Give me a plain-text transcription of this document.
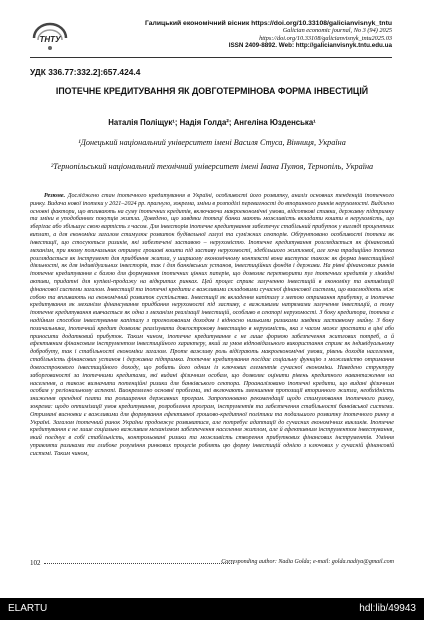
ТНТУ
Галицький економічний вісник https://doi.org/10.33108/galicianvisnyk_tntu
Galician economic journal, No 3 (94) 2025
https://doi.org/10.33108/galicianvisnyk_tntu2025.03
ISSN 2409-8892. Web: http://galicianvisnyk.tntu.edu.ua
УДК 336.77:332.2]:657.424.4
ІПОТЕЧНЕ КРЕДИТУВАННЯ ЯК ДОВГОТЕРМІНОВА ФОРМА ІНВЕСТИЦІЙ
Наталія Поліщук¹; Надія Голда²; Ангеліна Юзденська¹
¹Донецький національний університет імені Василя Стуса, Вінниця, Україна
²Тернопільський національний технічний університет імені Івана Пулюя, Тернопіль, Україна
Резюме. Досліджено стан іпотечного кредитування в Україні, особливості його розвитку, аналіз основних тенденцій іпотечного ринку. Видача нової іпотеки у 2021–2024 рр. прагнуло, зокрема, зміни в розподілі перевагності до вторинного ринків нерухомості. Виділено основні фактори, що впливають на суму іпотечних кредитів, включаючи макроекономічні умови, відсоткові ставки, державну підтримку та зміни в уподобаннях покупців житла. Доведено, що завдяки іпотеці банки мають можливість вкладати кошти в нерухомість, що зберігає або збільшує свою вартість з часом. Для інвесторів іпотечне кредитування забезпечує стабільний прибуток у вигляді процентних виплат, а для економіки загалом стимулює розвиток будівельної галузі та суміжних секторів. Обґрунтовано особливості іпотеки як інвестиції, що стосуються ризиків, які забезпечені заставою – нерухомістю. Іпотечне кредитування розглядається як фінансовий механізм, при якому позичальник отримує грошові кошти під заставу нерухомості, здебільшого житлової, але хоча традиційно іпотека розглядається як інструмент для придбання житла, у ширшому економічному контексті вона виступає також як форма інвестиційної діяльності, як для індивідуальних інвесторів, так і для банківських установ, інвестиційних фондів і держави. На рівні фінансових ринків іпотечне кредитування є базою для формування іпотечних цінних паперів, що дозволяє перетворити пул іпотечних кредитів у ліквідні активи, придатні для купівлі-продажу на відкритих ринках. Цей процес сприяє залученню інвестицій в економіку та активізації фінансової системи загалом. Інвестиції та іпотечні кредити є важливими складовими сучасної фінансової системи, що взаємодіють між собою та впливають на економічний розвиток суспільства. Інвестиції як вкладення капіталу з метою отримання прибутку, а іпотечне кредитування як механізм фінансування придбання нерухомості під заставу, є важливими напрямами залучення інвестицій, а тому іпотечне кредитування вивчається як одна з механізм реалізації інвестицій, особливо в секторі нерухомості. З боку кредитора, іпотека є надійним способом інвестування капіталу з прогнозованим доходом і відносно низькими ризиками завдяки заставному майну. З боку позичальника, іпотечний кредит дозволяє реалізувати довгострокову інвестицію в нерухомість, яка з часом може зростати в ціні або приносити додатковий прибуток. Таким чином, іпотечне кредитування є не лише формою забезпечення житлових потреб, а й ефективним фінансовим інструментом інвестиційного характеру, який за умов відповідального використання сприяє як індивідуальному добробуту, так і стабільності економіки загалом. Проте важливу роль відіграють макроекономічні умови, рівень доходів населення, стабільність фінансових установ і державна підтримка. Іпотечне кредитування посідає соціальну функцію з можливістю отримання довгострокового інвестиційного доходу, що робить його одним із ключових елементів сучасної економіки. Наведено структуру заборгованості за іпотечними кредитами, які видані фізичним особам, що дозволяє оцінити рівень кредитного навантаження на населення, а також визначити потенційні ризики для банківського сектора. Проаналізовано іпотечні кредити, що видані фізичним особам у регіональному аспекті. Виокремлено основні проблеми, які включають зменшення пропозиції вторинного житла, необхідність зниження орендної плати та розширення державних програм. Запропоновано рекомендації щодо стимулювання іпотечного ринку, зокрема: щодо оптимізації умов кредитування, розроблення програм, інструментів та забезпечення стабільності банківської системи. Отримані висновки є важливими для формування ефективної грошово-кредитної політики та подальшого розвитку іпотечного ринку в Україні. Загалом іпотечний ринок України продовжує розвиватися, але потребує адаптації до сучасних економічних викликів. Іпотечне кредитування є не лише соціально важливим механізмом забезпечення населення житлом, але й ефективним інструментом інвестування, який поєднує в собі стабільність, контрольовані ризики та можливість створення прибуткових фінансових інструментів. Уміння управляти ризиками та глибоке розуміння ринкових процесів роблять цю форму інвестицій однією з ключових у сучасній фінансовій системі. Таким чином,
102	Corresponding author: Nadia Golda; e-mail: golda.nadiya@gmail.com
ELARTU	hdl:lib/49943
